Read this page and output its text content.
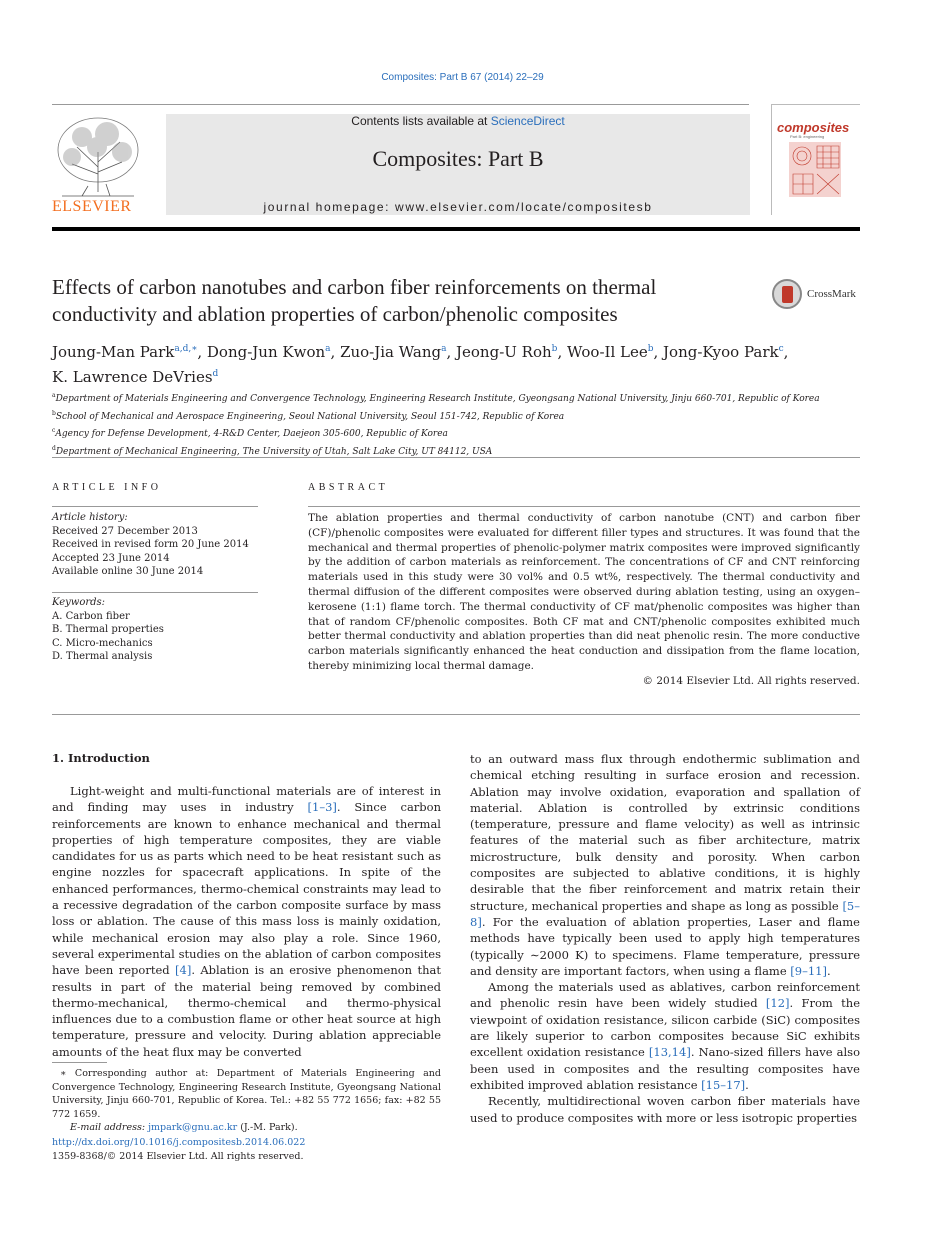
Composites: Part B 67 (2014) 22–29
ELSEVIER
Contents lists available at ScienceDirect
Composites: Part B
journal homepage: www.elsevier.com/locate/compositesb
composites
Part B: engineering
Effects of carbon nanotubes and carbon fiber reinforcements on thermal conductivity and ablation properties of carbon/phenolic composites
CrossMark
Joung-Man Park$^{a,d,∗}$, Dong-Jun Kwon$^a$, Zuo-Jia Wang$^a$, Jeong-U Roh$^b$, Woo-Il Lee$^b$, Jong-Kyoo Park$^c$,
K. Lawrence DeVries$^d$
$^a$Department of Materials Engineering and Convergence Technology, Engineering Research Institute, Gyeongsang National University, Jinju 660-701, Republic of Korea
$^b$School of Mechanical and Aerospace Engineering, Seoul National University, Seoul 151-742, Republic of Korea
$^c$Agency for Defense Development, 4-R&D Center, Daejeon 305-600, Republic of Korea
$^d$Department of Mechanical Engineering, The University of Utah, Salt Lake City, UT 84112, USA
ARTICLE INFO
Article history:
Received 27 December 2013
Received in revised form 20 June 2014
Accepted 23 June 2014
Available online 30 June 2014
Keywords:
A. Carbon fiber
B. Thermal properties
C. Micro-mechanics
D. Thermal analysis
ABSTRACT
The ablation properties and thermal conductivity of carbon nanotube (CNT) and carbon fiber (CF)/phenolic composites were evaluated for different filler types and structures. It was found that the mechanical and thermal properties of phenolic-polymer matrix composites were improved significantly by the addition of carbon materials as reinforcement. The concentrations of CF and CNT reinforcing materials used in this study were 30 vol% and 0.5 wt%, respectively. The thermal conductivity and thermal diffusion of the different composites were observed during ablation testing, using an oxygen–kerosene (1:1) flame torch. The thermal conductivity of CF mat/phenolic composites was higher than that of random CF/phenolic composites. Both CF mat and CNT/phenolic composites exhibited much better thermal conductivity and ablation properties than did neat phenolic resin. The more conductive carbon materials significantly enhanced the heat conduction and dissipation from the flame location, thereby minimizing local thermal damage.
© 2014 Elsevier Ltd. All rights reserved.
1. Introduction

Light-weight and multi-functional materials are of interest in and finding may uses in industry [1–3]. Since carbon reinforcements are known to enhance mechanical and thermal properties of high temperature composites, they are viable candidates for us as parts which need to be heat resistant such as engine nozzles for spacecraft applications. In spite of the enhanced performances, thermo-chemical constraints may lead to a recessive degradation of the carbon composite surface by mass loss or ablation. The cause of this mass loss is mainly oxidation, while mechanical erosion may also play a role. Since 1960, several experimental studies on the ablation of carbon composites have been reported [4]. Ablation is an erosive phenomenon that results in part of the material being removed by combined thermo-mechanical, thermo-chemical and thermo-physical influences due to a combustion flame or other heat source at high temperature, pressure and velocity. During ablation appreciable amounts of the heat flux may be converted

to an outward mass flux through endothermic sublimation and chemical etching resulting in surface erosion and recession. Ablation may involve oxidation, evaporation and spallation of material. Ablation is controlled by extrinsic conditions (temperature, pressure and flame velocity) as well as intrinsic features of the material such as fiber architecture, matrix microstructure, bulk density and porosity. When carbon composites are subjected to ablative conditions, it is highly desirable that the fiber reinforcement and matrix retain their structure, mechanical properties and shape as long as possible [5–8]. For the evaluation of ablation properties, Laser and flame methods have typically been used to apply high temperatures (typically ∼2000 K) to specimens. Flame temperature, pressure and density are important factors, when using a flame [9–11].

Among the materials used as ablatives, carbon reinforcement and phenolic resin have been widely studied [12]. From the viewpoint of oxidation resistance, silicon carbide (SiC) composites are likely superior to carbon composites because SiC exhibits excellent oxidation resistance [13,14]. Nano-sized fillers have also been used in composites and the resulting composites have exhibited improved ablation resistance [15–17].

Recently, multidirectional woven carbon fiber materials have used to produce composites with more or less isotropic properties

∗ Corresponding author at: Department of Materials Engineering and Convergence Technology, Engineering Research Institute, Gyeongsang National University, Jinju 660-701, Republic of Korea. Tel.: +82 55 772 1656; fax: +82 55 772 1659.
E-mail address: jmpark@gnu.ac.kr (J.-M. Park).
http://dx.doi.org/10.1016/j.compositesb.2014.06.022
1359-8368/© 2014 Elsevier Ltd. All rights reserved.
